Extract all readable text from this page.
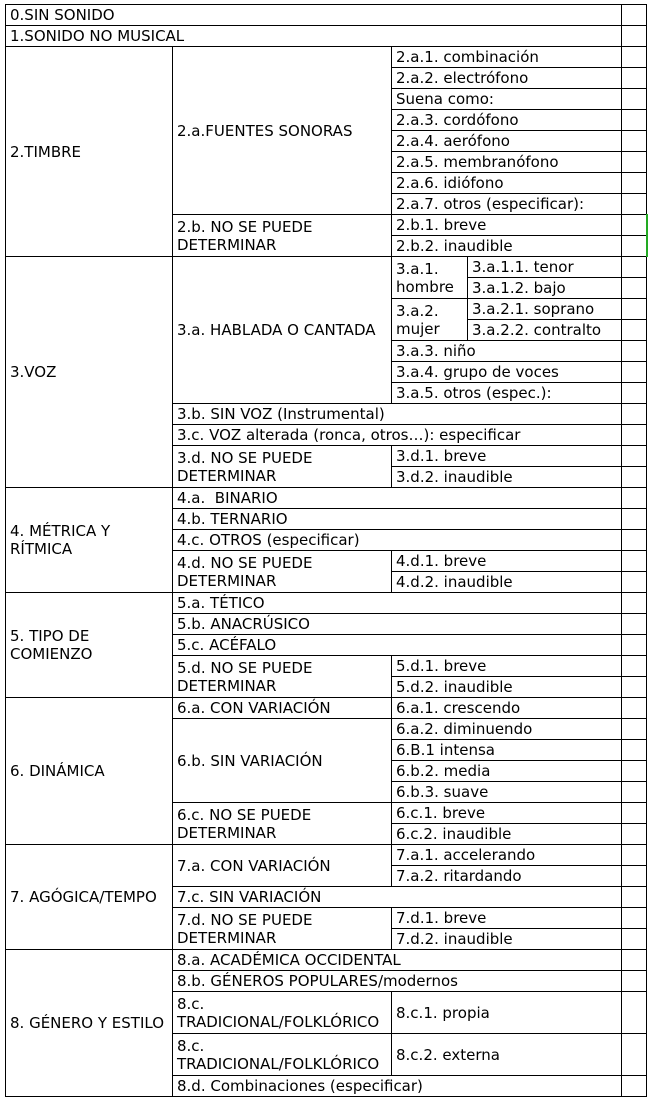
0.SIN SONIDO				
1.SONIDO NO MUSICAL				
2.TIMBRE	2.a.FUENTES SONORAS	2.a.1. combinación		
		2.a.2. electrófono		
		Suena como:		
		2.a.3. cordófono		
		2.a.4. aerófono		
		2.a.5. membranófono		
		2.a.6. idiófono		
		2.a.7. otros (especificar):		
	2.b. NO SE PUEDE DETERMINAR	2.b.1. breve		
		2.b.2. inaudible		
3.VOZ	3.a. HABLADA O CANTADA	3.a.1. hombre	3.a.1.1. tenor	
			3.a.1.2. bajo	
		3.a.2. mujer	3.a.2.1. soprano	
			3.a.2.2. contralto	
		3.a.3. niño		
		3.a.4. grupo de voces		
		3.a.5. otros (espec.):		
	3.b. SIN VOZ (Instrumental)			
	3.c. VOZ alterada (ronca, otros…): especificar			
	3.d. NO SE PUEDE DETERMINAR	3.d.1. breve		
		3.d.2. inaudible		
4. MÉTRICA Y RÍTMICA	4.a.  BINARIO			
	4.b. TERNARIO			
	4.c. OTROS (especificar)			
	4.d. NO SE PUEDE DETERMINAR	4.d.1. breve		
		4.d.2. inaudible		
5. TIPO DE COMIENZO	5.a. TÉTICO			
	5.b. ANACRÚSICO			
	5.c. ACÉFALO			
	5.d. NO SE PUEDE DETERMINAR	5.d.1. breve		
		5.d.2. inaudible		
6. DINÁMICA	6.a. CON VARIACIÓN	6.a.1. crescendo		
	6.b. SIN VARIACIÓN	6.a.2. diminuendo		
		6.B.1 intensa		
		6.b.2. media		
		6.b.3. suave		
	6.c. NO SE PUEDE DETERMINAR	6.c.1. breve		
		6.c.2. inaudible		
7. AGÓGICA/TEMPO	7.a. CON VARIACIÓN	7.a.1. accelerando		
		7.a.2. ritardando		
	7.c. SIN VARIACIÓN			
	7.d. NO SE PUEDE DETERMINAR	7.d.1. breve		
		7.d.2. inaudible		
8. GÉNERO Y ESTILO	8.a. ACADÉMICA OCCIDENTAL			
	8.b. GÉNEROS POPULARES/modernos			
	8.c. TRADICIONAL/FOLKLÓRICO	8.c.1. propia		
	8.c. TRADICIONAL/FOLKLÓRICO	8.c.2. externa		
	8.d. Combinaciones (especificar)			
